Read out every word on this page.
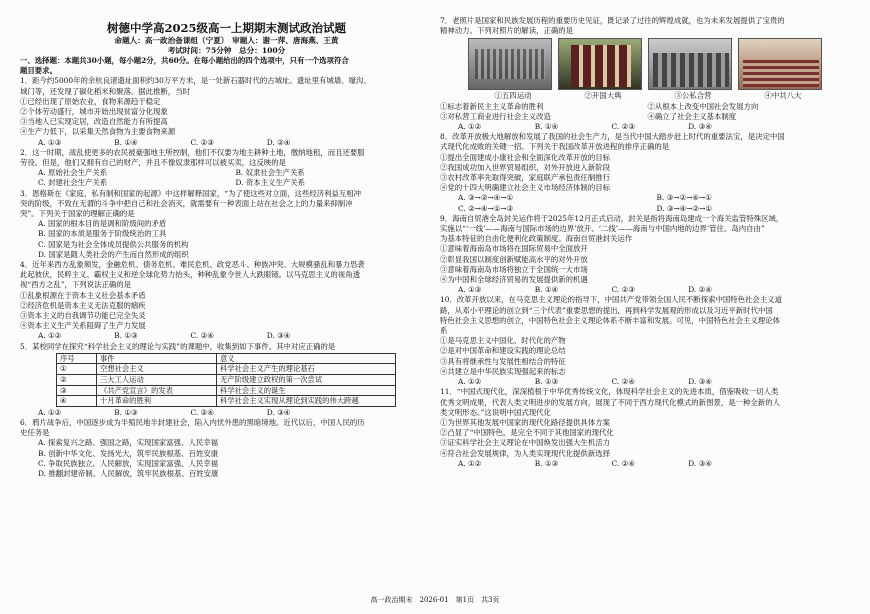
树德中学高2025级高一上期期末测试政治试题
命题人：高一政治备课组（宁夏）　审题人：谢一萍、唐海燕、王黄
考试时间：75分钟　总分：100分

一、选择题：本题共30小题，每小题2分，共60分。在每小题给出的四个选项中，只有一个选项符合

题目要求。

1．距今约5000年的余杭良渚遗址面积约30万平方米，是一处新石器时代的古城址。遗址里有城墙、壕沟、

城门等，还发现了碳化稻米和聚落。据此推断，当时

①已经出现了原始农业，食物来源趋于稳定

②个体劳动盛行，城市开始出现贫富分化现象

③当地人已实现定居，改造自然能力有所提高

④生产力低下，以采集天然食物为主要食物来源

A. ①③	B. ①④	C. ②③	D. ②④

2．这一时期，战乱使更多的农民被豪强地主所控制，他们不仅要为地主耕种土地，缴纳地租，而且还要服

劳役。但是，他们又拥有自己的财产，并且不像奴隶那样可以被买卖，这反映的是

A. 原始社会生产关系	B. 奴隶社会生产关系
C. 封建社会生产关系	D. 资本主义生产关系

3．恩格斯在《家庭、私有制和国家的起源》中这样解释国家，“为了使这些对立面，这些经济利益互相冲

突的阶级，不致在无谓的斗争中把自己和社会消灭，就需要有一种表面上站在社会之上的力量来抑制冲

突”。下列关于国家的理解正确的是

A. 国家的根本目的是调和阶级间的矛盾

B. 国家的本质是服务于阶级统治的工具

C. 国家是为社会全体成员提供公共服务的机构

D. 国家是随人类社会的产生而自然形成的组织

4．近年来西方乱象频发，金融危机、债务危机、难民危机、政党恶斗、种族冲突、大规模骚乱和暴力恐袭

此起彼伏，民粹主义、霸权主义和逆全球化势力抬头，种种乱象令世人大跌眼镜。以马克思主义的视角透

视“西方之乱”，下列说法正确的是

①乱象根源在于资本主义社会基本矛盾

②经济危机是资本主义无法克服的痼疾

③资本主义的自我调节功能已完全失灵

④资本主义生产关系阻碍了生产力发展

A. ①②	B. ①③	C. ②④	D. ③④

5．某校同学在探究“科学社会主义的理论与实践”的课题中，收集到如下事件。其中对应正确的是

序号	事件	意义
①	空想社会主义	科学社会主义产生的理论基石
②	三大工人运动	无产阶级建立政权的第一次尝试
③	《共产党宣言》的发表	科学社会主义的诞生
④	十月革命的胜利	科学社会主义实现从理论到实践的伟大跨越
A. ①②	B. ①③	C. ②④	D. ③④

6．鸦片战争后，中国逐步成为半殖民地半封建社会，陷入内忧外患的黑暗境地。近代以后，中国人民的历

史任务是

A. 探索复兴之路、强国之路，实现国家富强、人民幸福

B. 创新中华文化、发扬光大，筑牢民族根基、百姓安康

C. 争取民族独立、人民解放，实现国家富强、人民幸福

D. 推翻封建帝制、人民解放，筑牢民族根基、百姓安康

7．老照片是国家和民族发展历程的重要历史见证，既记录了过往的辉煌成就，也为未来发展提供了宝贵的

精神动力。下列对照片的解读，正确的是

①五四运动	②开国大典	③公私合营	④中共八大
①标志着新民主主义革命的胜利	②从根本上改变中国社会发展方向
③对私营工商业进行社会主义改造	④确立了社会主义基本制度
A. ①②	B. ①④	C. ②③	D. ③④

8．改革开放极大地解放和发展了我国的社会生产力，是当代中国大踏步赶上时代的重要法宝，是决定中国

式现代化成败的关键一招。下列关于我国改革开放进程的排序正确的是

①提出全面建成小康社会和全面深化改革开放的目标

②我国成功加入世界贸易组织，对外开放进入新阶段

③农村改革率先取得突破，家庭联产承包责任制推行

④党的十四大明确建立社会主义市场经济体制的目标

A. ③→②→④→①	B. ③→②→④→①
C. ②→④→①→③	D. ③→④→②→①

9．海南自贸港全岛封关运作将于2025年12月正式启动，封关是指将海南岛建成一个海关监管特殊区域，

实施以“‘一线’——海南与国际市场的边界’放开、‘二线’——海南与中国内地的边界’管住、岛内自由”

为基本特征的自由化便利化政策制度。海南自贸港封关运作

①意味着海南岛市场将在国际贸易中全面放开

②彰显我国以制度创新赋能高水平的对外开放

③意味着海南岛市场将独立于全国统一大市场

④为中国和全球经济贸易的发展提供新的机遇

A. ①③	B. ①④	C. ②③	D. ②④

10．改革开放以来，在马克思主义理论的指导下，中国共产党带领全国人民不断探索中国特色社会主义道

路，从邓小平理论的创立到“三个代表”重要思想的提出，再到科学发展观的形成以及习近平新时代中国

特色社会主义思想的创立，中国特色社会主义理论体系不断丰富和发展。可见，中国特色社会主义理论体

系

①是马克思主义中国化、时代化的产物

②是对中国革命和建设实践的理论总结

③具有将继承性与发展性相结合的特征

④共建立是中华民族实现强起来的标志

A. ①②	B. ①③	C. ②④	D. ③④

11．“中国式现代化，深深植根于中华优秀传统文化，体现科学社会主义的先进本质，借鉴吸收一切人类

优秀文明成果，代表人类文明进步的发展方向，展现了不同于西方现代化模式的新图景，是一种全新的人

类文明形态。”这说明中国式现代化

①为世界其他发展中国家的现代化路径提供具体方案

②凸显了“中国特色，是完全不同于其他国家的现代化

③证实科学社会主义理论在中国焕发出强大生机活力

④符合社会发展规律，为人类实现现代化提供新选择

A. ①②	B. ①③	C. ②④	D. ③④
高一政治期末　2026-01　第1页　共3页
